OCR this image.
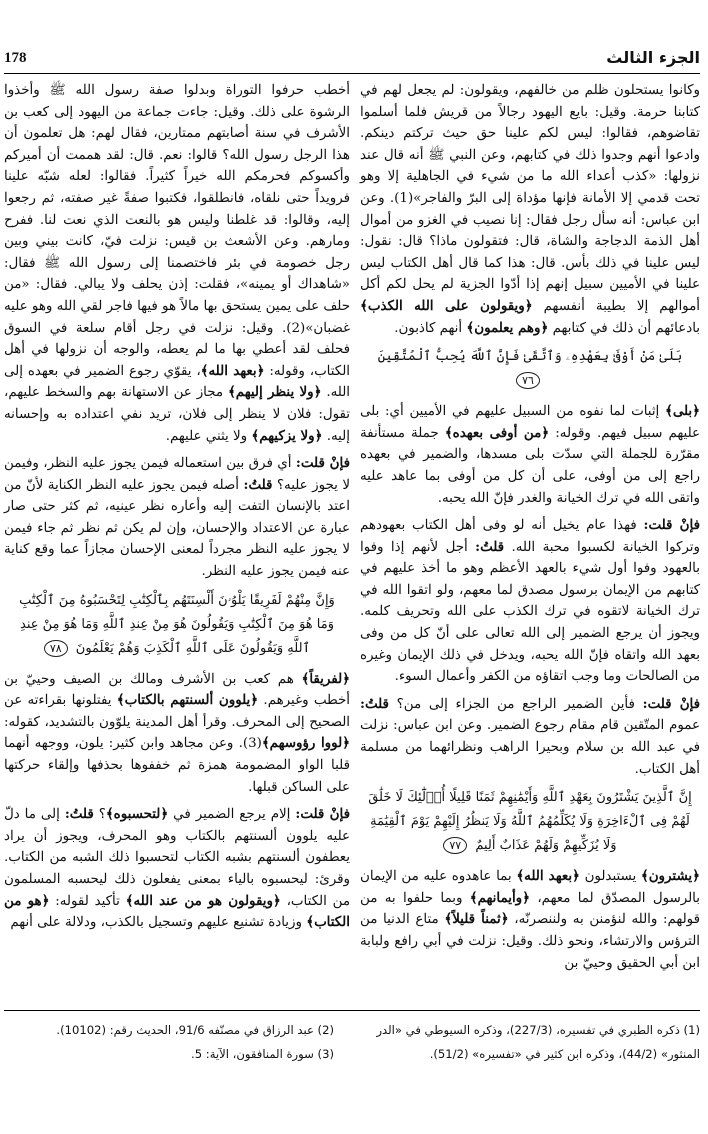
178	الجزء الثالث

وكانوا يستحلون ظلم من خالفهم، ويقولون: لم يجعل لهم في كتابنا حرمة. وقيل: بايع اليهود رجالاً من قريش فلما أسلموا تقاضوهم، فقالوا: ليس لكم علينا حق حيث تركتم دينكم. وادعوا أنهم وجدوا ذلك في كتابهم، وعن النبي ﷺ أنه قال عند نزولها: «كذب أعداء الله ما من شيء في الجاهلية إلا وهو تحت قدمي إلا الأمانة فإنها مؤداة إلى البرّ والفاجر»(1). وعن ابن عباس: أنه سأل رجل فقال: إنا نصيب في الغزو من أموال أهل الذمة الدجاجة والشاة، قال: فتقولون ماذا؟ قال: نقول: ليس علينا في ذلك بأس. قال: هذا كما قال أهل الكتاب ليس علينا في الأميين سبيل إنهم إذا أدّوا الجزية لم يحل لكم أكل أموالهم إلا بطيبة أنفسهم ﴿ويقولون على الله الكذب﴾ بادعائهم أن ذلك في كتابهم ﴿وهم يعلمون﴾ أنهم كاذبون.

بَلَىٰ مَنْ أَوْفَىٰ بِعَهْدِهِۦ وَٱتَّقَىٰ فَإِنَّ ٱللَّهَ يُحِبُّ ٱلْمُتَّقِينَ ٧٦

﴿بلى﴾ إثبات لما نفوه من السبيل عليهم في الأميين أي: بلى عليهم سبيل فيهم. وقوله: ﴿من أوفى بعهده﴾ جملة مستأنفة مقرّرة للجملة التي سدّت بلى مسدها، والضمير في بعهده راجع إلى من أوفى، على أن كل من أوفى بما عاهد عليه واتقى الله في ترك الخيانة والغدر فإنّ الله يحبه.

فإنْ قلت: فهذا عام يخيل أنه لو وفى أهل الكتاب بعهودهم وتركوا الخيانة لكسبوا محبة الله. قلتُ: أجل لأنهم إذا وفوا بالعهود وفوا أول شيء بالعهد الأعظم وهو ما أخذ عليهم في كتابهم من الإيمان برسول مصدق لما معهم، ولو اتقوا الله في ترك الخيانة لاتقوه في ترك الكذب على الله وتحريف كلمه. ويجوز أن يرجع الضمير إلى الله تعالى على أنّ كل من وفى بعهد الله واتقاه فإنّ الله يحبه، ويدخل في ذلك الإيمان وغيره من الصالحات وما وجب اتقاؤه من الكفر وأعمال السوء.

فإنْ قلت: فأين الضمير الراجع من الجزاء إلى من؟ قلتُ: عموم المتّقين قام مقام رجوع الضمير. وعن ابن عباس: نزلت في عبد الله بن سلام وبحيرا الراهب ونظرائهما من مسلمة أهل الكتاب.

إِنَّ ٱلَّذِينَ يَشْتَرُونَ بِعَهْدِ ٱللَّهِ وَأَيْمَٰنِهِمْ ثَمَنًا قَلِيلًا أُو۟لَٰٓئِكَ لَا خَلَٰقَ لَهُمْ فِى ٱلْءَاخِرَةِ وَلَا يُكَلِّمُهُمُ ٱللَّهُ وَلَا يَنظُرُ إِلَيْهِمْ يَوْمَ ٱلْقِيَٰمَةِ وَلَا يُزَكِّيهِمْ وَلَهُمْ عَذَابٌ أَلِيمٌ ٧٧

﴿يشترون﴾ يستبدلون ﴿بعهد الله﴾ بما عاهدوه عليه من الإيمان بالرسول المصدّق لما معهم، ﴿وأيمانهم﴾ وبما حلفوا به من قولهم: والله لنؤمنن به ولننصرنّه، ﴿ثمناً قليلاً﴾ متاع الدنيا من الترؤس والارتشاء، ونحو ذلك. وقيل: نزلت في أبي رافع ولبابة ابن أبي الحقيق وحييّ بن

أخطب حرفوا التوراة وبدلوا صفة رسول الله ﷺ وأخذوا الرشوة على ذلك. وقيل: جاءت جماعة من اليهود إلى كعب بن الأشرف في سنة أصابتهم ممتارين، فقال لهم: هل تعلمون أن هذا الرجل رسول الله؟ قالوا: نعم. قال: لقد هممت أن أميركم وأكسوكم فحرمكم الله خيراً كثيراً. فقالوا: لعله شبّه علينا فرويداً حتى نلقاه، فانطلقوا، فكتبوا صفةً غير صفته، ثم رجعوا إليه، وقالوا: قد غلطنا وليس هو بالنعت الذي نعت لنا. ففرح ومارهم. وعن الأشعث بن قيس: نزلت فيّ، كانت بيني وبين رجل خصومة في بئر فاختصمنا إلى رسول الله ﷺ فقال: «شاهداك أو يمينه»، فقلت: إذن يحلف ولا يبالي. فقال: «من حلف على يمين يستحق بها مالاً هو فيها فاجر لقي الله وهو عليه غضبان»(2). وقيل: نزلت في رجل أقام سلعة في السوق فحلف لقد أعطي بها ما لم يعطه، والوجه أن نزولها في أهل الكتاب، وقوله: ﴿بعهد الله﴾، يقوّي رجوع الضمير في بعهده إلى الله. ﴿ولا ينظر إليهم﴾ مجاز عن الاستهانة بهم والسخط عليهم، تقول: فلان لا ينظر إلى فلان، تريد نفي اعتداده به وإحسانه إليه. ﴿ولا يزكيهم﴾ ولا يثني عليهم.

فإنْ قلت: أي فرق بين استعماله فيمن يجوز عليه النظر، وفيمن لا يجوز عليه؟ قلتُ: أصله فيمن يجوز عليه النظر الكناية لأنّ من اعتد بالإنسان التفت إليه وأعاره نظر عينيه، ثم كثر حتى صار عبارة عن الاعتداد والإحسان، وإن لم يكن ثم نظر ثم جاء فيمن لا يجوز عليه النظر مجرداً لمعنى الإحسان مجازاً عما وقع كناية عنه فيمن يجوز عليه النظر.

وَإِنَّ مِنْهُمْ لَفَرِيقًا يَلْوُۥنَ أَلْسِنَتَهُم بِٱلْكِتَٰبِ لِتَحْسَبُوهُ مِنَ ٱلْكِتَٰبِ وَمَا هُوَ مِنَ ٱلْكِتَٰبِ وَيَقُولُونَ هُوَ مِنْ عِندِ ٱللَّهِ وَمَا هُوَ مِنْ عِندِ ٱللَّهِ وَيَقُولُونَ عَلَى ٱللَّهِ ٱلْكَذِبَ وَهُمْ يَعْلَمُونَ ٧٨

﴿لفريقاً﴾ هم كعب بن الأشرف ومالك بن الصيف وحييّ بن أخطب وغيرهم. ﴿يلوون ألسنتهم بالكتاب﴾ يفتلونها بقراءته عن الصحيح إلى المحرف. وقرأ أهل المدينة يلوّون بالتشديد، كقوله: ﴿لووا رؤوسهم﴾(3). وعن مجاهد وابن كثير: يلون، ووجهه أنهما قلبا الواو المضمومة همزة ثم خففوها بحذفها وإلقاء حركتها على الساكن قبلها.

فإنْ قلت: إلام يرجع الضمير في ﴿لتحسبوه﴾؟ قلتُ: إلى ما دلّ عليه يلوون ألسنتهم بالكتاب وهو المحرف، ويجوز أن يراد يعطفون ألسنتهم بشبه الكتاب لتحسبوا ذلك الشبه من الكتاب. وقرئ: ليحسبوه بالياء بمعنى يفعلون ذلك ليحسبه المسلمون من الكتاب، ﴿ويقولون هو من عند الله﴾ تأكيد لقوله: ﴿هو من الكتاب﴾ وزيادة تشنيع عليهم وتسجيل بالكذب، ودلالة على أنهم

(1) ذكره الطبري في تفسيره، (227/3)، وذكره السيوطي في «الدر
المنثور» (44/2)، وذكره ابن كثير في «تفسيره» (51/2).
(2) عبد الرزاق في مصنّفه 91/6، الحديث رقم: (10102).
(3) سورة المنافقون، الآية: 5.
